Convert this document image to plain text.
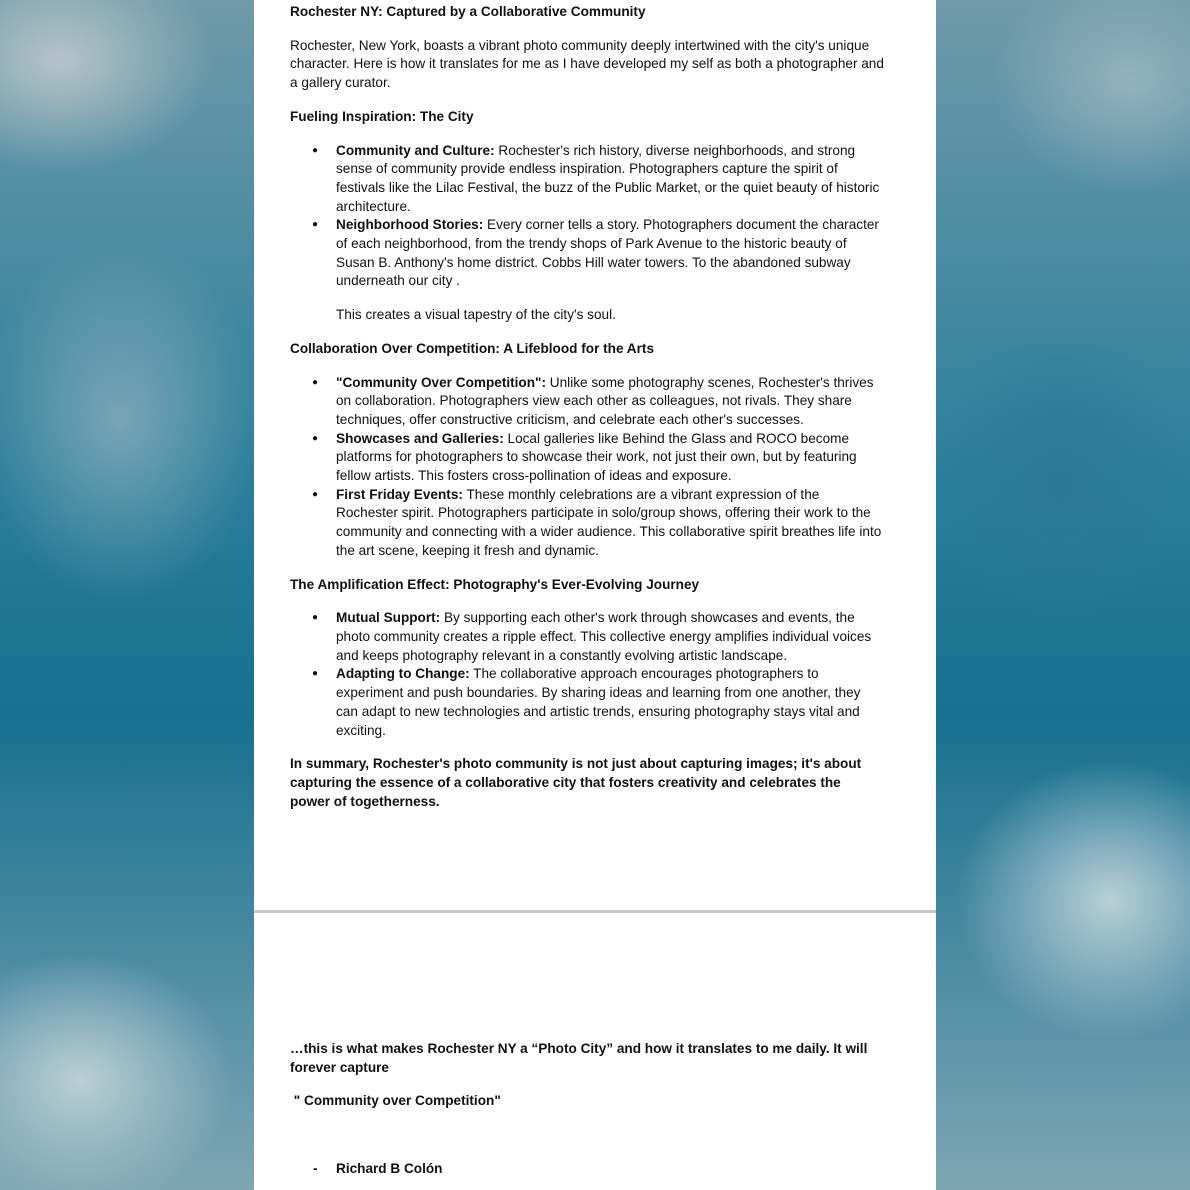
Rochester NY: Captured by a Collaborative Community

Rochester, New York, boasts a vibrant photo community deeply intertwined with the city's unique character. Here is how it translates for me as I have developed my self as both a photographer and a gallery curator.

Fueling Inspiration: The City

● Community and Culture: Rochester's rich history, diverse neighborhoods, and strong sense of community provide endless inspiration. Photographers capture the spirit of festivals like the Lilac Festival, the buzz of the Public Market, or the quiet beauty of historic architecture.
● Neighborhood Stories: Every corner tells a story. Photographers document the character of each neighborhood, from the trendy shops of Park Avenue to the historic beauty of Susan B. Anthony's home district. Cobbs Hill water towers. To the abandoned subway underneath our city .

This creates a visual tapestry of the city's soul.

Collaboration Over Competition: A Lifeblood for the Arts

● "Community Over Competition": Unlike some photography scenes, Rochester's thrives on collaboration. Photographers view each other as colleagues, not rivals. They share techniques, offer constructive criticism, and celebrate each other's successes.
● Showcases and Galleries: Local galleries like Behind the Glass and ROCO become platforms for photographers to showcase their work, not just their own, but by featuring fellow artists. This fosters cross-pollination of ideas and exposure.
● First Friday Events: These monthly celebrations are a vibrant expression of the Rochester spirit. Photographers participate in solo/group shows, offering their work to the community and connecting with a wider audience. This collaborative spirit breathes life into the art scene, keeping it fresh and dynamic.

The Amplification Effect: Photography's Ever-Evolving Journey

● Mutual Support: By supporting each other's work through showcases and events, the photo community creates a ripple effect. This collective energy amplifies individual voices and keeps photography relevant in a constantly evolving artistic landscape.
● Adapting to Change: The collaborative approach encourages photographers to experiment and push boundaries. By sharing ideas and learning from one another, they can adapt to new technologies and artistic trends, ensuring photography stays vital and exciting.

In summary, Rochester's photo community is not just about capturing images; it's about capturing the essence of a collaborative city that fosters creativity and celebrates the power of togetherness.

…this is what makes Rochester NY a “Photo City” and how it translates to me daily. It will forever capture

" Community over Competition"

- Richard B Colón
